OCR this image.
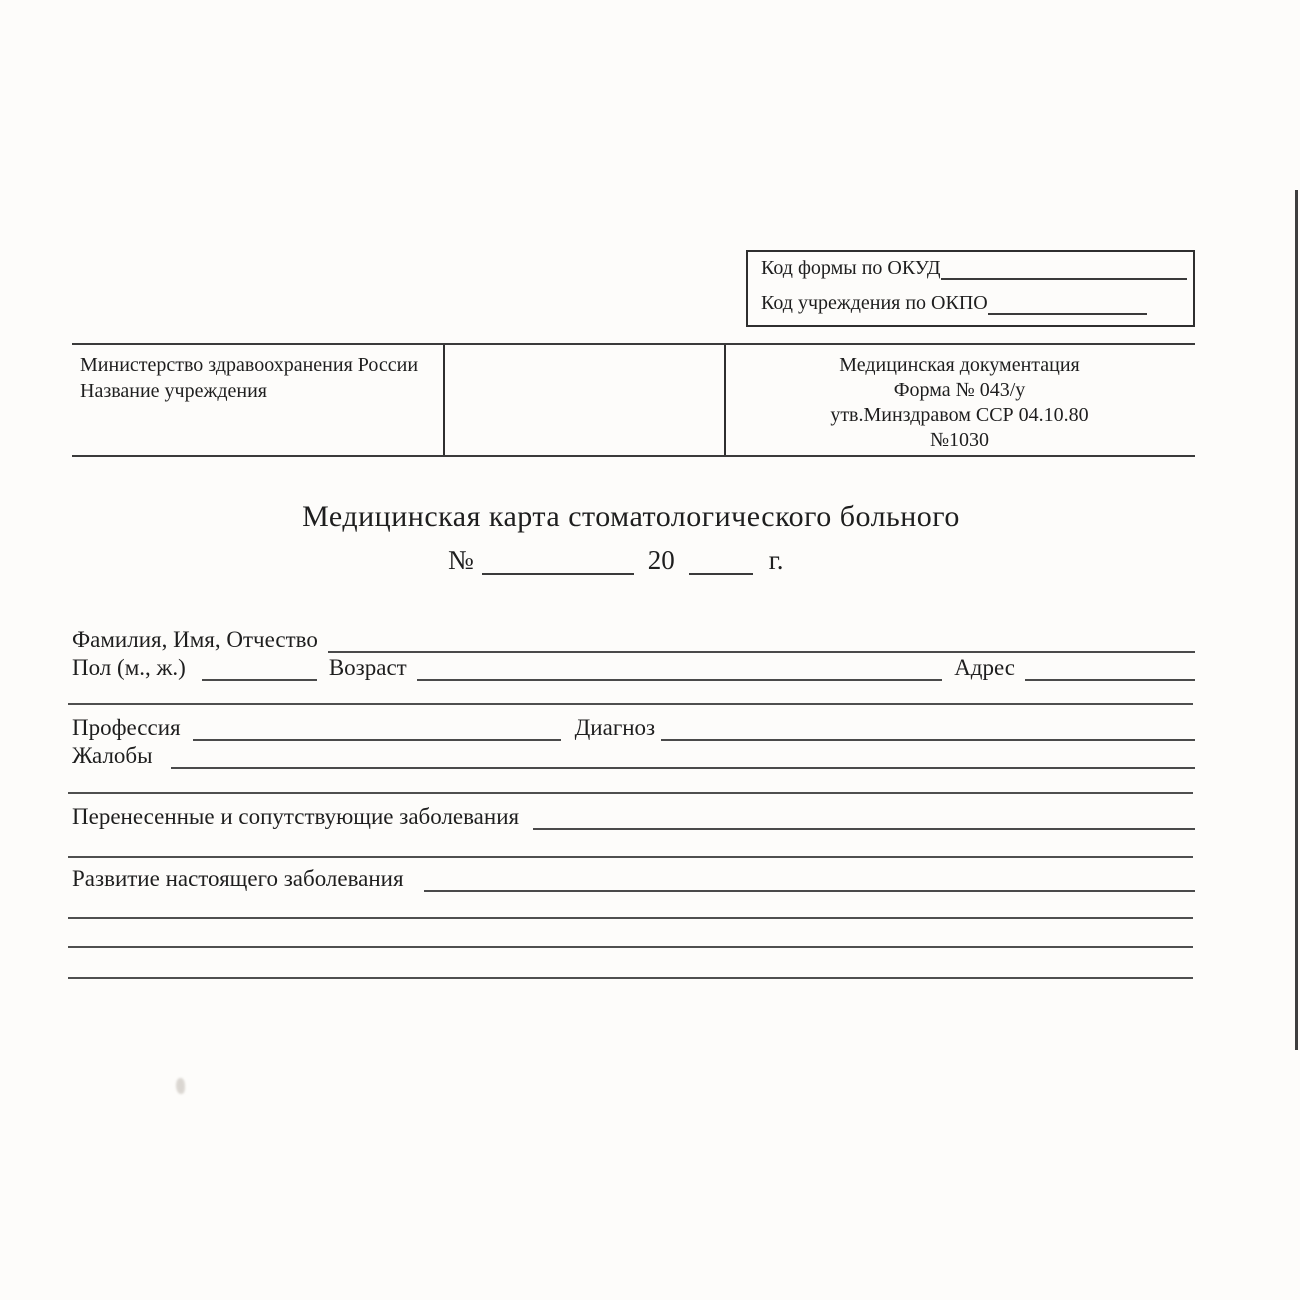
Код формы по ОКУД
Код учреждения по ОКПО
Министерство здравоохранения России
Название учреждения
Медицинская документация
Форма № 043/у
утв.Минздравом ССР 04.10.80
№1030
Медицинская карта стоматологического больного
№	20	г.
Фамилия, Имя, Отчество
Пол (м., ж.)	Возраст	Адрес
Профессия	Диагноз
Жалобы
Перенесенные и сопутствующие заболевания
Развитие настоящего заболевания
